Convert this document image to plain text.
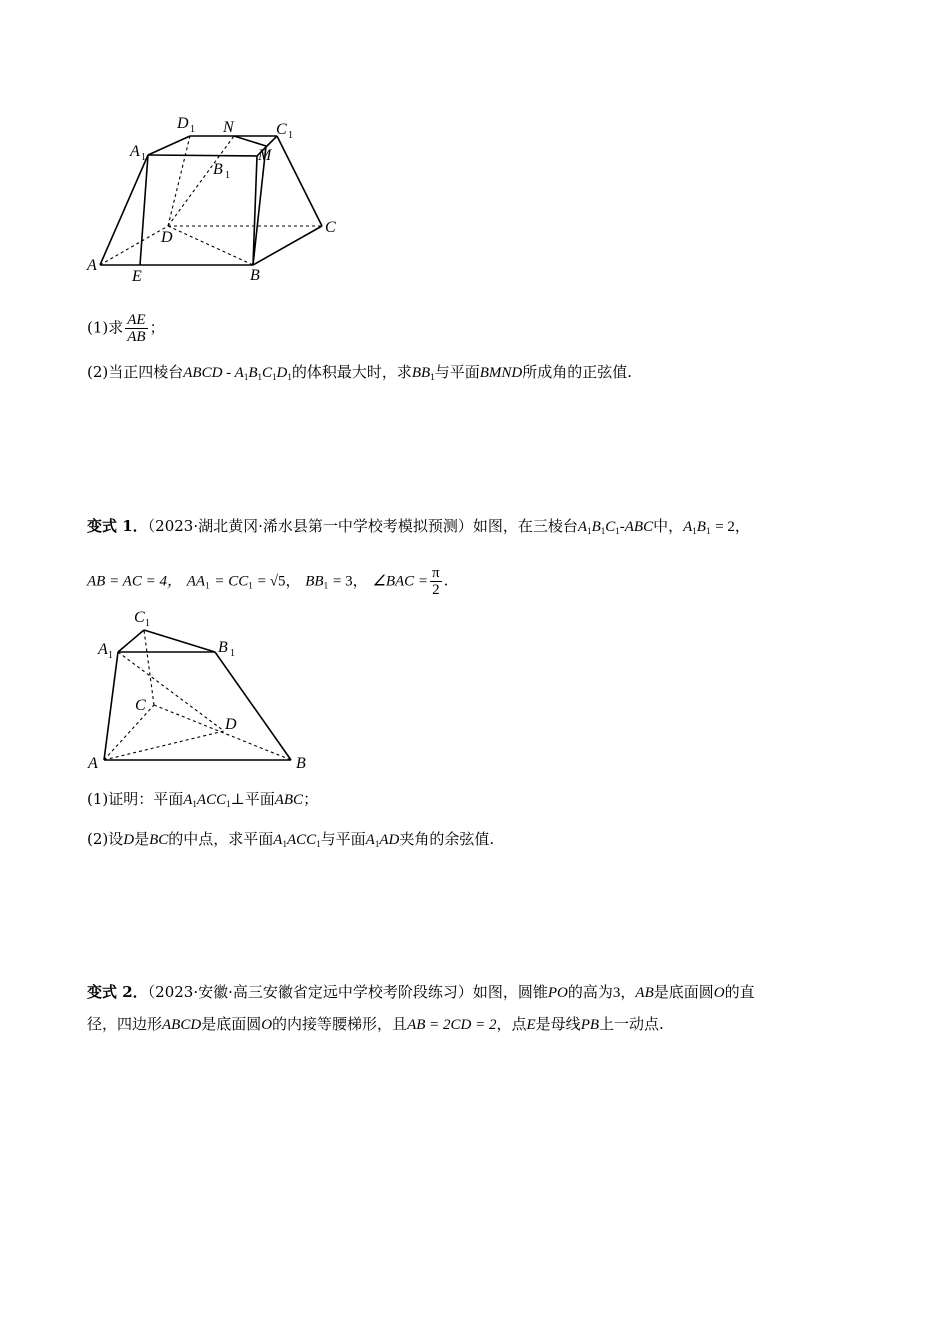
D 1 N	C 1
A 1
B 1
M
D
C
A
E	B
(1)求 $\frac{AE}{AB}$ ；
(2)当正四棱台ABCD - $A_1B_1C_1D_1$的体积最大时，求$BB_1$与平面BMND所成角的正弦值.
变式 1．（2023·湖北黄冈·浠水县第一中学校考模拟预测）如图，在三棱台$A_1B_1C_1$-ABC中，$A_1B_1 = 2$，
AB = AC = 4， $AA_1 = CC_1 = √5$， $BB_1 = 3$， ∠BAC = $\frac{\pi}{2}$ .
C 1
A 1	B 1
C
D
A	B
(1)证明：平面$A_1ACC_1\perp$平面ABC；
(2)设D是BC的中点，求平面$A_1ACC_1$与平面$A_1AD$夹角的余弦值.
变式 2．（2023·安徽·高三安徽省定远中学校考阶段练习）如图，圆锥PO的高为3，AB是底面圆O的直
径，四边形ABCD是底面圆O的内接等腰梯形，且AB = 2CD = 2，点E是母线PB上一动点.
